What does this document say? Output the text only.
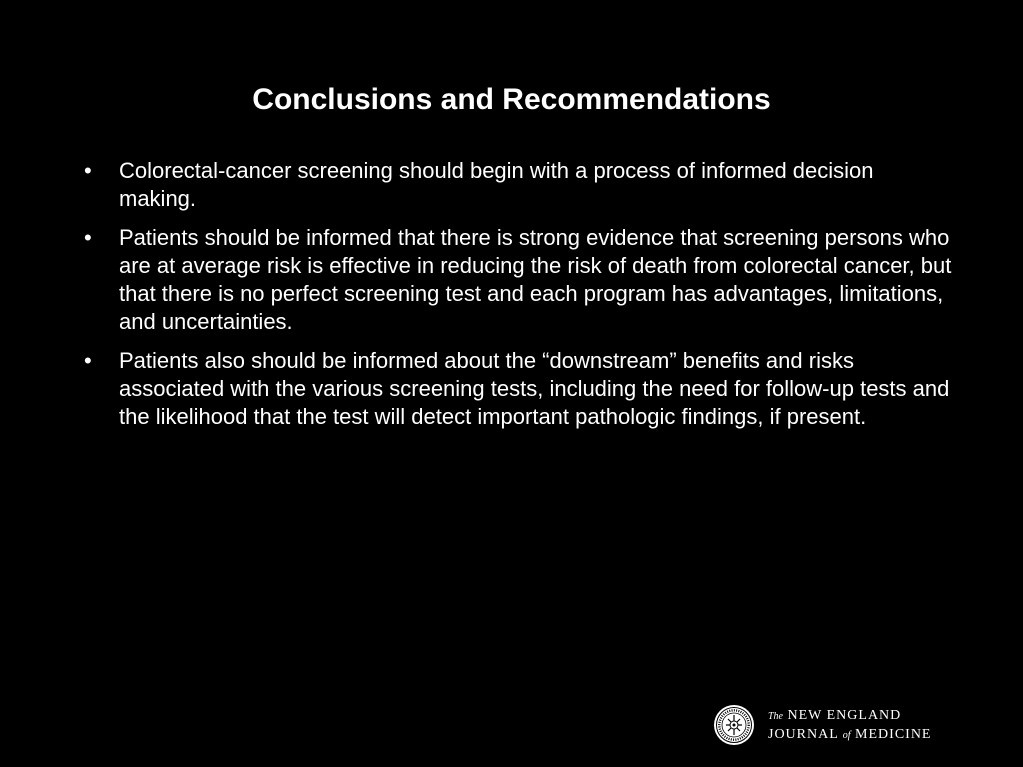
Conclusions and Recommendations
•	Colorectal-cancer screening should begin with a process of informed decision making.
•	Patients should be informed that there is strong evidence that screening persons who are at average risk is effective in reducing the risk of death from colorectal cancer, but that there is no perfect screening test and each program has advantages, limitations, and uncertainties.
•	Patients also should be informed about the “downstream” benefits and risks associated with the various screening tests, including the need for follow-up tests and the likelihood that the test will detect important pathologic findings, if present.
The NEW ENGLAND
JOURNAL of MEDICINE
